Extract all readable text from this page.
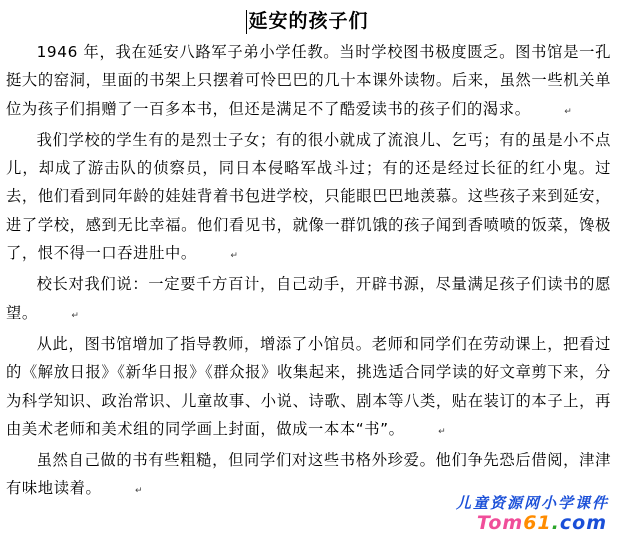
延安的孩子们

1946 年，我在延安八路军子弟小学任教。当时学校图书极度匮乏。图书馆是一孔挺大的窑洞，里面的书架上只摆着可怜巴巴的几十本课外读物。后来，虽然一些机关单位为孩子们捐赠了一百多本书，但还是满足不了酷爱读书的孩子们的渴求。	↵

我们学校的学生有的是烈士子女；有的很小就成了流浪儿、乞丐；有的虽是小不点儿，却成了游击队的侦察员，同日本侵略军战斗过；有的还是经过长征的红小鬼。过去，他们看到同年龄的娃娃背着书包进学校，只能眼巴巴地羡慕。这些孩子来到延安，进了学校，感到无比幸福。他们看见书，就像一群饥饿的孩子闻到香喷喷的饭菜，馋极了，恨不得一口吞进肚中。	↵

校长对我们说：一定要千方百计，自己动手，开辟书源，尽量满足孩子们读书的愿望。	↵

从此，图书馆增加了指导教师，增添了小馆员。老师和同学们在劳动课上，把看过的《解放日报》《新华日报》《群众报》收集起来，挑选适合同学读的好文章剪下来，分为科学知识、政治常识、儿童故事、小说、诗歌、剧本等八类，贴在装订的本子上，再由美术老师和美术组的同学画上封面，做成一本本“书”。	↵

虽然自己做的书有些粗糙，但同学们对这些书格外珍爱。他们争先恐后借阅，津津有味地读着。	↵

儿童资源网小学课件
Tom61.com
